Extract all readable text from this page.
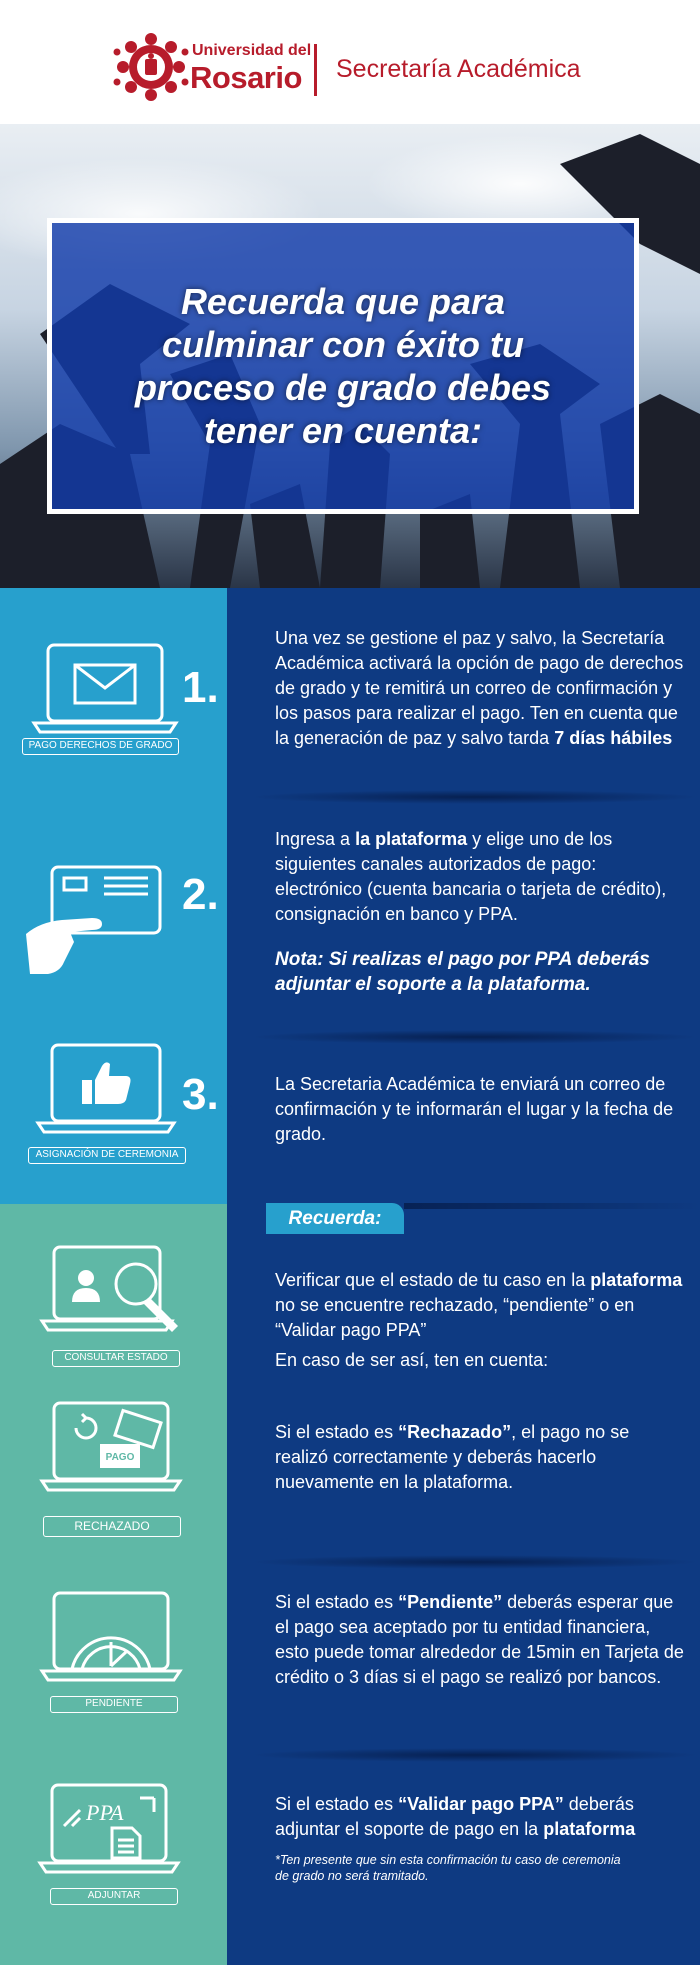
Universidad del
Rosario Secretaría Académica
Recuerda que para culminar con éxito tu proceso de grado debes tener en cuenta:
PAGO DERECHOS DE GRADO
1.
Una vez se gestione el paz y salvo, la Secretaría Académica activará la opción de pago de derechos de grado y te remitirá un correo de confirmación y los pasos para realizar el pago. Ten en cuenta que la generación de paz y salvo tarda 7 días hábiles
2.
Ingresa a la plataforma y elige uno de los siguientes canales autorizados de pago: electrónico (cuenta bancaria o tarjeta de crédito), consignación en banco y PPA.
Nota: Si realizas el pago por PPA deberás adjuntar el soporte a la plataforma.
ASIGNACIÓN DE CEREMONIA
3.	La Secretaria Académica te enviará un correo de confirmación y te informarán el lugar y la fecha de grado.
Recuerda:
CONSULTAR ESTADO
Verificar que el estado de tu caso en la plataforma no se encuentre rechazado, “pendiente” o en “Validar pago PPA”
En caso de ser así, ten en cuenta:
PAGO
RECHAZADO
Si el estado es “Rechazado”, el pago no se realizó correctamente y deberás hacerlo nuevamente en la plataforma.
PENDIENTE
Si el estado es “Pendiente” deberás esperar que el pago sea aceptado por tu entidad financiera, esto puede tomar alrededor de 15min en Tarjeta de crédito o 3 días si el pago se realizó por bancos.
PPA
ADJUNTAR
Si el estado es “Validar pago PPA” deberás adjuntar el soporte de pago en la plataforma
*Ten presente que sin esta confirmación tu caso de ceremonia de grado no será tramitado.
